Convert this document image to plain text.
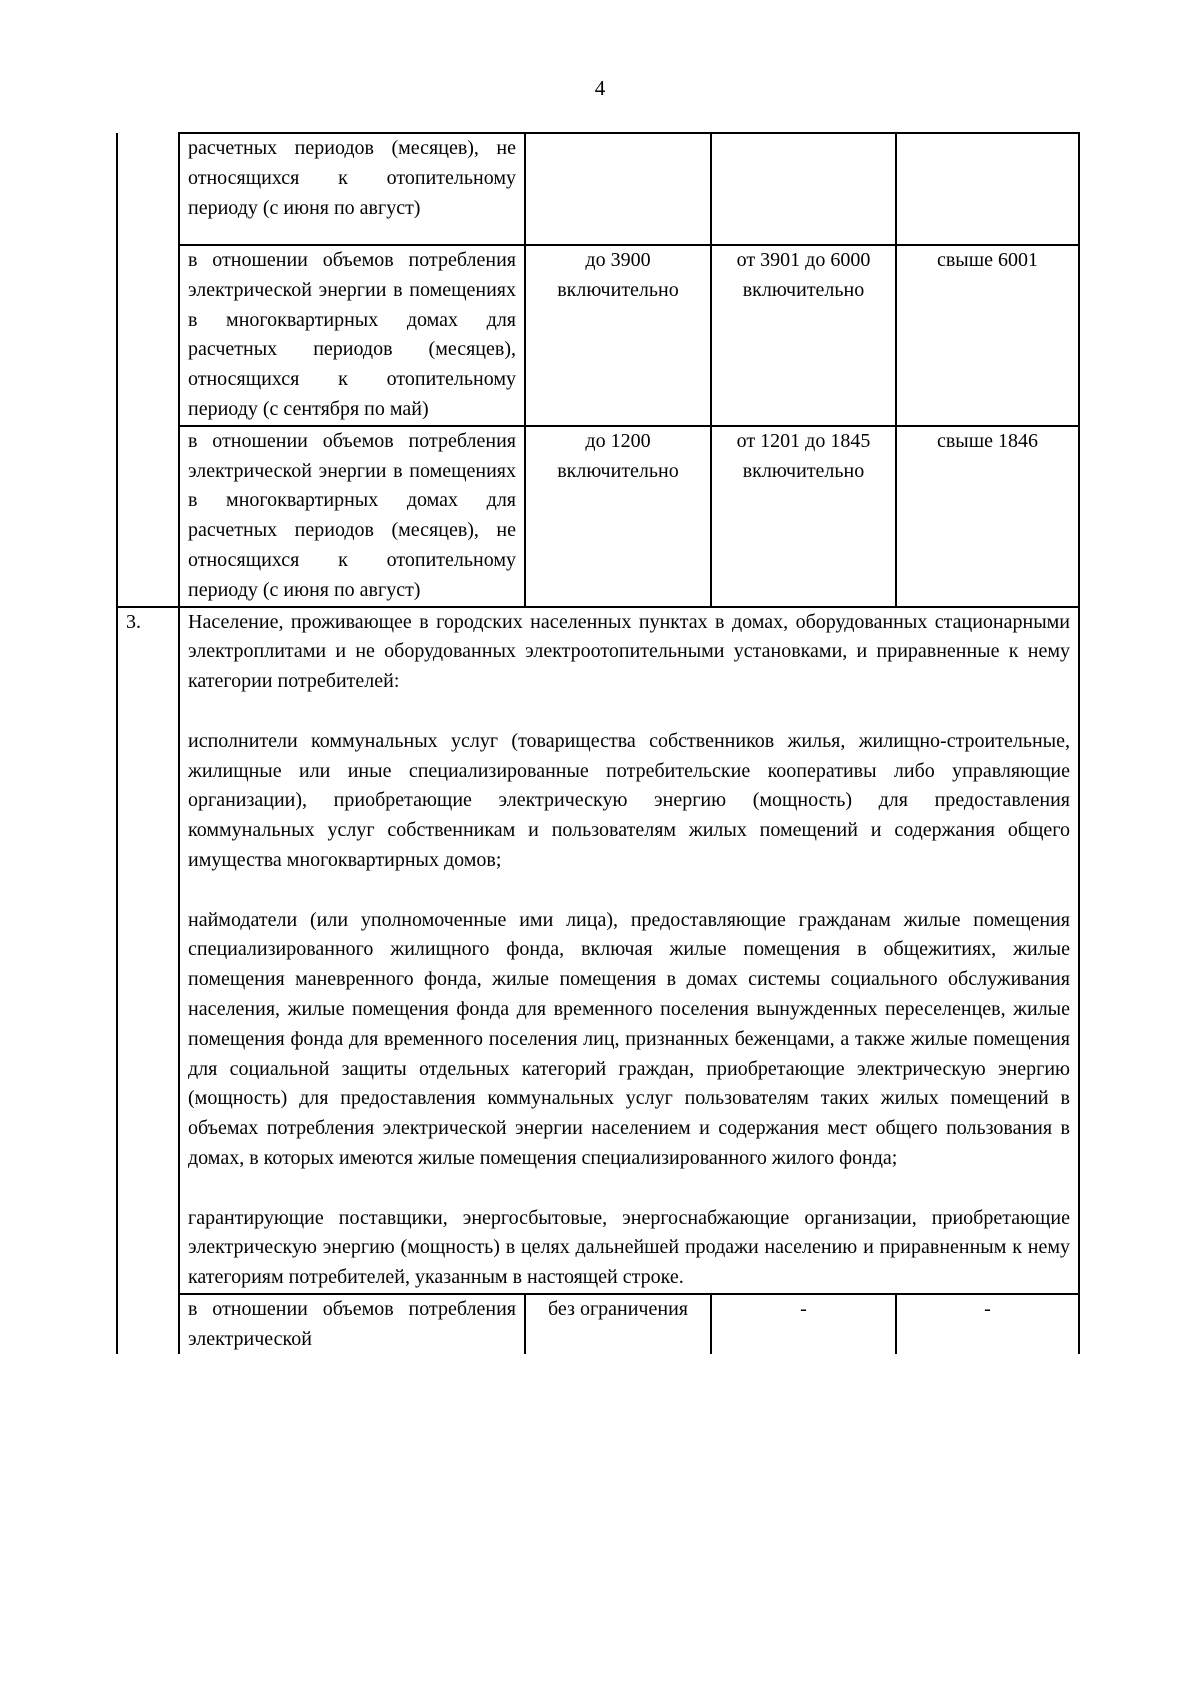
4
	расчетных периодов (месяцев), не относящихся к отопительному периоду (с июня по август)			
	в отношении объемов потребления электрической энергии в помещениях в многоквартирных домах для расчетных периодов (месяцев), относящихся к отопительному периоду (с сентября по май)	до 3900 включительно	от 3901 до 6000 включительно	свыше 6001
	в отношении объемов потребления электрической энергии в помещениях в многоквартирных домах для расчетных периодов (месяцев), не относящихся к отопительному периоду (с июня по август)	до 1200 включительно	от 1201 до 1845 включительно	свыше 1846
3.	Население, проживающее в городских населенных пунктах в домах, оборудованных стационарными электроплитами и не оборудованных электроотопительными установками, и приравненные к нему категории потребителей:

исполнители коммунальных услуг (товарищества собственников жилья, жилищно-строительные, жилищные или иные специализированные потребительские кооперативы либо управляющие организации), приобретающие электрическую энергию (мощность) для предоставления коммунальных услуг собственникам и пользователям жилых помещений и содержания общего имущества многоквартирных домов;

наймодатели (или уполномоченные ими лица), предоставляющие гражданам жилые помещения специализированного жилищного фонда, включая жилые помещения в общежитиях, жилые помещения маневренного фонда, жилые помещения в домах системы социального обслуживания населения, жилые помещения фонда для временного поселения вынужденных переселенцев, жилые помещения фонда для временного поселения лиц, признанных беженцами, а также жилые помещения для социальной защиты отдельных категорий граждан, приобретающие электрическую энергию (мощность) для предоставления коммунальных услуг пользователям таких жилых помещений в объемах потребления электрической энергии населением и содержания мест общего пользования в домах, в которых имеются жилые помещения специализированного жилого фонда;

гарантирующие поставщики, энергосбытовые, энергоснабжающие организации, приобретающие электрическую энергию (мощность) в целях дальнейшей продажи населению и приравненным к нему категориям потребителей, указанным в настоящей строке.			

	в отношении объемов потребления электрической	без ограничения	-	-
